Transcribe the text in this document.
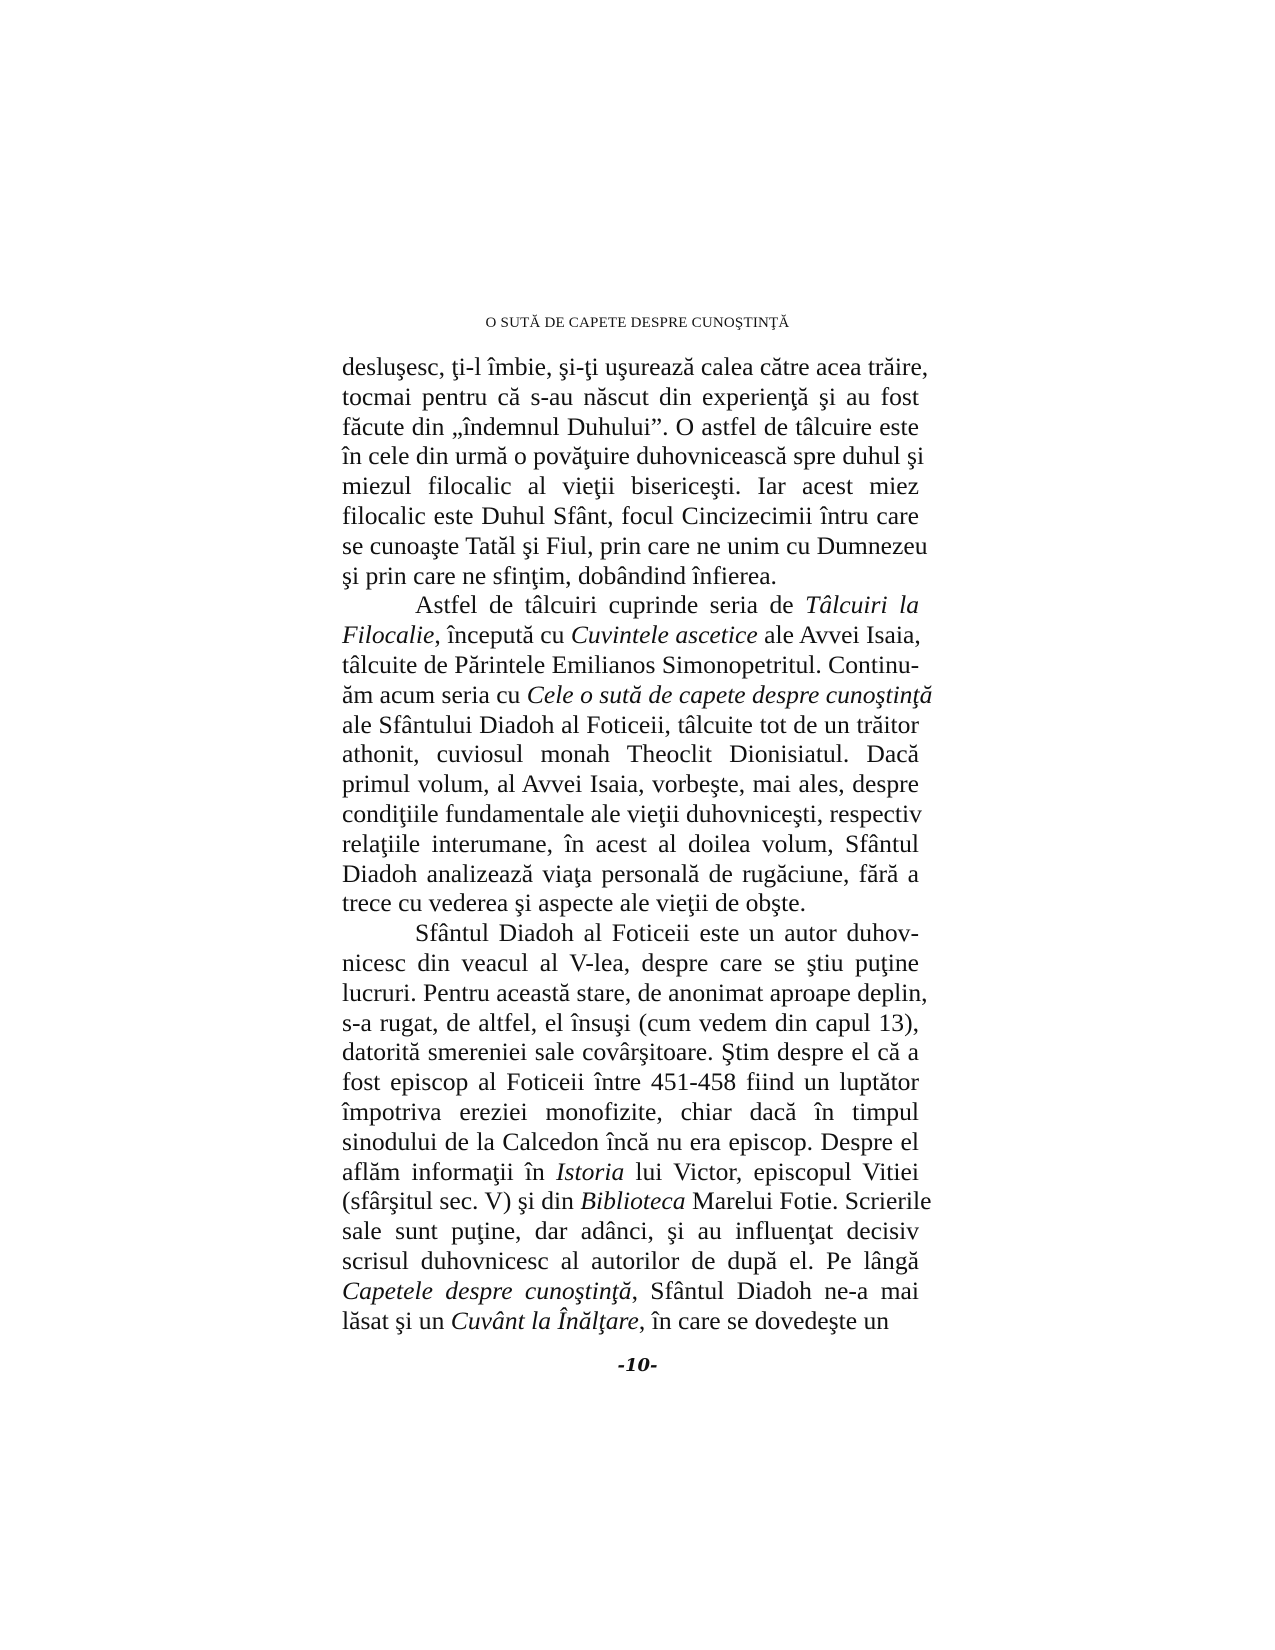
O SUTĂ DE CAPETE DESPRE CUNOŞTINŢĂ
desluşesc, ţi-l îmbie, şi-ţi uşurează calea către acea trăire,
tocmai pentru că s-au născut din experienţă şi au fost
făcute din „îndemnul Duhului”. O astfel de tâlcuire este
în cele din urmă o povăţuire duhovnicească spre duhul şi
miezul filocalic al vieţii bisericeşti. Iar acest miez
filocalic este Duhul Sfânt, focul Cincizecimii întru care
se cunoaşte Tatăl şi Fiul, prin care ne unim cu Dumnezeu
şi prin care ne sfinţim, dobândind înfierea.
Astfel de tâlcuiri cuprinde seria de Tâlcuiri la
Filocalie, începută cu Cuvintele ascetice ale Avvei Isaia,
tâlcuite de Părintele Emilianos Simonopetritul. Continu-
ăm acum seria cu Cele o sută de capete despre cunoştinţă
ale Sfântului Diadoh al Foticeii, tâlcuite tot de un trăitor
athonit, cuviosul monah Theoclit Dionisiatul. Dacă
primul volum, al Avvei Isaia, vorbeşte, mai ales, despre
condiţiile fundamentale ale vieţii duhovniceşti, respectiv
relaţiile interumane, în acest al doilea volum, Sfântul
Diadoh analizează viaţa personală de rugăciune, fără a
trece cu vederea şi aspecte ale vieţii de obşte.
Sfântul Diadoh al Foticeii este un autor duhov-
nicesc din veacul al V-lea, despre care se ştiu puţine
lucruri. Pentru această stare, de anonimat aproape deplin,
s-a rugat, de altfel, el însuşi (cum vedem din capul 13),
datorită smereniei sale covârşitoare. Ştim despre el că a
fost episcop al Foticeii între 451-458 fiind un luptător
împotriva ereziei monofizite, chiar dacă în timpul
sinodului de la Calcedon încă nu era episcop. Despre el
aflăm informaţii în Istoria lui Victor, episcopul Vitiei
(sfârşitul sec. V) şi din Biblioteca Marelui Fotie. Scrierile
sale sunt puţine, dar adânci, şi au influenţat decisiv
scrisul duhovnicesc al autorilor de după el. Pe lângă
Capetele despre cunoştinţă, Sfântul Diadoh ne-a mai
lăsat şi un Cuvânt la Înălţare, în care se dovedeşte un
-10-
